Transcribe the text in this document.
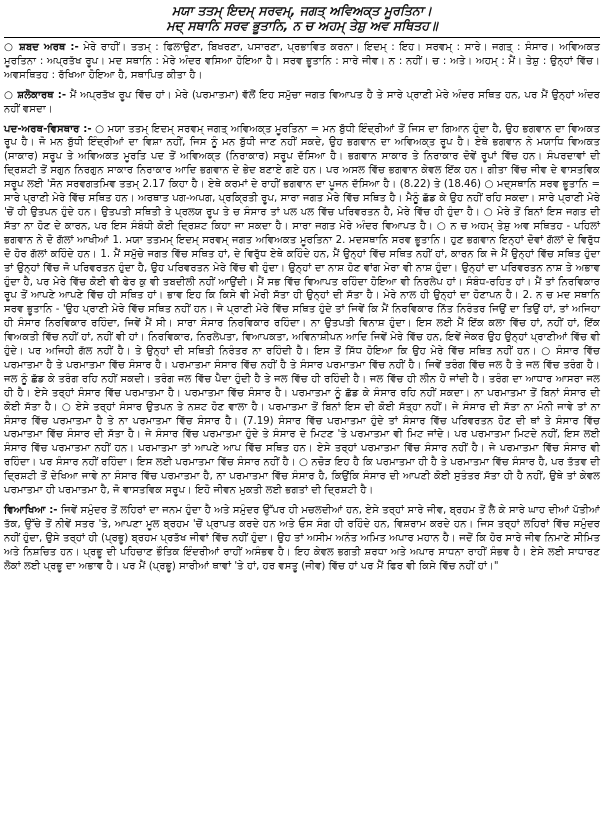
ਮਯਾ ਤਤਮ੍ ਇਦਮ੍ ਸਰਵਮ੍, ਜਗਤ੍ ਅਵਿਅਕ੍ਤ ਮੂਰਤਿਨਾ।

ਮਦ੍ ਸਥਾਨਿ ਸਰਵ ਭੂਤਾਨਿ, ਨ ਚ ਅਹਮ੍ ਤੇਸ਼ੁ ਅਵ ਸਥਿਤਹ॥

○ ਸ਼ਬਦ ਅਰਥ :- ਮੇਰੇ ਰਾਹੀਂ। ਤਤਮ੍ : ਫਿਲਾਉਣਾ, ਬਿਖਰਣਾ, ਪਸਾਰਣਾ, ਪ੍ਰਭਾਵਿਤ ਕਰਨਾ। ਇਦਮ੍ : ਇਹ। ਸਰਵਮ੍ : ਸਾਰੇ। ਜਗਤ੍ : ਸੰਸਾਰ। ਅਵਿਅਕਤ ਮੂਰਤਿਨਾ : ਅਪ੍ਰਤੱਖ ਰੂਪ। ਮਦ ਸਥਾਨਿ : ਮੇਰੇ ਅੰਦਰ ਵਸਿਆ ਹੋਇਆ ਹੈ। ਸਰਵ ਭੂਤਾਨਿ : ਸਾਰੇ ਜੀਵ। ਨ : ਨਹੀਂ। ਚ : ਅਤੇ। ਅਹਮ੍ : ਮੈਂ। ਤੇਸ਼ੁ : ਉਨ੍ਹਾਂ ਵਿੱਚ। ਅਵਸਥਿਤਹ : ਰੱਖਿਆ ਹੋਇਆ ਹੈ, ਸਥਾਪਿਤ ਕੀਤਾ ਹੈ।

○ ਸ਼ਲੋਕਾਰਥ :- ਮੈਂ ਅਪ੍ਰਤੱਖ ਰੂਪ ਵਿੱਚ ਹਾਂ। ਮੇਰੇ (ਪਰਮਾਤਮਾ) ਵੱਲੋਂ ਇਹ ਸਮੁੱਚਾ ਜਗਤ ਵਿਆਪਤ ਹੈ ਤੇ ਸਾਰੇ ਪ੍ਰਾਣੀ ਮੇਰੇ ਅੰਦਰ ਸਥਿਤ ਹਨ, ਪਰ ਮੈਂ ਉਨ੍ਹਾਂ ਅੰਦਰ ਨਹੀਂ ਵਸਦਾ।

ਪਦ-ਅਰਥ-ਵਿਸਥਾਰ :- ○ ਮਯਾ ਤਤਮ੍ ਇਦਮ੍ ਸਰਵਮ੍ ਜਗਤ੍ ਅਵਿਅਕ੍ਤ ਮੂਰਤਿਨਾ = ਮਨ ਬੁੱਧੀ ਇੰਦ੍ਰੀਆਂ ਤੋਂ ਜਿਸ ਦਾ ਗਿਆਨ ਹੁੰਦਾ ਹੈ, ਉਹ ਭਗਵਾਨ ਦਾ ਵਿਅਕਤ ਰੂਪ ਹੈ। ਜੋ ਮਨ ਬੁੱਧੀ ਇੰਦ੍ਰੀਆਂ ਦਾ ਵਿਸ਼ਾ ਨਹੀਂ, ਜਿਸ ਨੂੰ ਮਨ ਬੁੱਧੀ ਜਾਣ ਨਹੀਂ ਸਕਦੇ, ਉਹ ਭਗਵਾਨ ਦਾ ਅਵਿਅਕ੍ਤ ਰੂਪ ਹੈ। ਏਥੇ ਭਗਵਾਨ ਨੇ ਮਯਾਧਿ ਵਿਅਕਤ (ਸਾਕਾਰ) ਸਰੂਪ ਤੇ ਅਵਿਅਕਤ ਮੂਰਤਿ ਪਦ ਤੋਂ ਅਵਿਅਕ੍ਤ (ਨਿਰਾਕਾਰ) ਸਰੂਪ ਦੱਸਿਆ ਹੈ। ਭਗਵਾਨ ਸਾਕਾਰ ਤੇ ਨਿਰਾਕਾਰ ਦੋਵੇਂ ਰੂਪਾਂ ਵਿੱਚ ਹਨ। ਸੰਪਰਦਾਵਾਂ ਦੀ ਦ੍ਰਿਸ਼ਟੀ ਤੋਂ ਸਗੁਨ ਨਿਰਗੁਨ ਸਾਕਾਰ ਨਿਰਾਕਾਰ ਆਦਿ ਭਗਵਾਨ ਦੇ ਭੇਦ ਬਣਾਏ ਗਏ ਹਨ। ਪਰ ਅਸਲ ਵਿੱਚ ਭਗਵਾਨ ਕੇਵਲ ਇੱਕ ਹਨ। ਗੀਤਾ ਵਿੱਚ ਜੀਵ ਦੇ ਵਾਸਤਵਿਕ ਸਰੂਪ ਲਈ 'ਸੋਨ ਸਰਵਗਤਮਿਵ ਤਤਮ੍ 2.17 ਕਿਹਾ ਹੈ। ਏਥੇ ਕਰਮਾਂ ਦੇ ਰਾਹੀਂ ਭਗਵਾਨ ਦਾ ਪੂਜਨ ਦੱਸਿਆ ਹੈ। (8.22) ਤੇ (18.46) ○ ਮਦ੍ਸਥਾਨਿ ਸਰਵ ਭੂਤਾਨਿ = ਸਾਰੇ ਪ੍ਰਾਣੀ ਮੇਰੇ ਵਿੱਚ ਸਥਿਤ ਹਨ। ਅਰਥਾਤ ਪਗ-ਅਪਗ, ਪ੍ਰਕ੍ਰਿਤੀ ਰੂਪ, ਸਾਰਾ ਜਗਤ ਮੇਰੇ ਵਿੱਚ ਸਥਿਤ ਹੈ। ਮੈਨੂੰ ਛੱਡ ਕੇ ਉਹ ਨਹੀਂ ਰਹਿ ਸਕਦਾ। ਸਾਰੇ ਪ੍ਰਾਣੀ ਮੇਰੇ 'ਚੋਂ ਹੀ ਉਤਪਨ ਹੁੰਦੇ ਹਨ। ਉਤਪਤੀ ਸਥਿਤੀ ਤੇ ਪ੍ਰਲਯ ਰੂਪ ਤੇ ਚ ਸੰਸਾਰ ਤਾਂ ਪਲ ਪਲ ਵਿੱਚ ਪਰਿਵਰਤਨ ਹੈ, ਮੇਰੇ ਵਿੱਚ ਹੀ ਹੁੰਦਾ ਹੈ। ○ ਮੇਰੇ ਤੋਂ ਬਿਨਾਂ ਇਸ ਜਗਤ ਦੀ ਸੱਤਾ ਨਾ ਹੋਣ ਦੇ ਕਾਰਨ, ਪਰ ਇਸ ਸੰਬੰਧੀ ਕੋਈ ਦ੍ਰਿਸ਼ਟ ਕਿਹਾ ਜਾ ਸਕਦਾ ਹੈ। ਸਾਰਾ ਜਗਤ ਮੇਰੇ ਅੰਦਰ ਵਿਆਪਤ ਹੈ। ○ ਨ ਚ ਅਹਮ੍ ਤੇਸ਼ੁ ਅਵ ਸਥਿਤਹ - ਪਹਿਲਾਂ ਭਗਵਾਨ ਨੇ ਦੋ ਗੱਲਾਂ ਆਖੀਆਂ 1. ਮਯਾ ਤਤਮਮ੍ ਇਦਮ੍ ਸਰਵਮ੍ ਜਗਤ ਅਵਿਅਕਤ ਮੂਰਤਿਨਾ 2. ਮਦਸਥਾਨਿ ਸਰਵ ਭੂਤਾਨਿ। ਹੁਣ ਭਗਵਾਨ ਇਨ੍ਹਾਂ ਦੋਵਾਂ ਗੱਲਾਂ ਦੇ ਵਿਰੁੱਧ ਦੋ ਹੋਰ ਗੱਲਾਂ ਕਹਿੰਦੇ ਹਨ। 1. ਮੈਂ ਸਮੁੱਚੇ ਜਗਤ ਵਿੱਚ ਸਥਿਤ ਹਾਂ, ਦੇ ਵਿਰੁੱਧ ਏਥੇ ਕਹਿੰਦੇ ਹਨ, ਮੈਂ ਉਨ੍ਹਾਂ ਵਿੱਚ ਸਥਿਤ ਨਹੀਂ ਹਾਂ, ਕਾਰਨ ਕਿ ਜੇ ਮੈਂ ਉਨ੍ਹਾਂ ਵਿੱਚ ਸਥਿਤ ਹੁੰਦਾ ਤਾਂ ਉਨ੍ਹਾਂ ਵਿੱਚ ਜੋ ਪਰਿਵਰਤਨ ਹੁੰਦਾ ਹੈ, ਉਹ ਪਰਿਵਰਤਨ ਮੇਰੇ ਵਿੱਚ ਵੀ ਹੁੰਦਾ। ਉਨ੍ਹਾਂ ਦਾ ਨਾਸ਼ ਹੋਣ ਵਾਂਗ ਮੇਰਾ ਵੀ ਨਾਸ਼ ਹੁੰਦਾ। ਉਨ੍ਹਾਂ ਦਾ ਪਰਿਵਰਤਨ ਨਾਸ਼ ਤੇ ਅਭਾਵ ਹੁੰਦਾ ਹੈ, ਪਰ ਮੇਰੇ ਵਿੱਚ ਕੋਈ ਵੀ ਫੇਰ ਕੁ ਵੀ ਤਬਦੀਲੀ ਨਹੀਂ ਆਉਂਦੀ। ਮੈਂ ਸਭ ਵਿੱਚ ਵਿਆਪਤ ਰਹਿੰਦਾ ਹੋਇਆ ਵੀ ਨਿਰਲੇਪ ਹਾਂ। ਸੰਬੰਧ-ਰਹਿਤ ਹਾਂ। ਮੈਂ ਤਾਂ ਨਿਰਵਿਕਾਰ ਰੂਪ ਤੋਂ ਆਪਣੇ ਆਪਣੇ ਵਿੱਚ ਹੀ ਸਥਿਤ ਹਾਂ। ਭਾਵ ਇਹ ਕਿ ਕਿਸੇ ਵੀ ਮੇਰੀ ਸੱਤਾ ਹੀ ਉਨ੍ਹਾਂ ਦੀ ਸੱਤਾ ਹੈ। ਮੇਰੇ ਨਾਲ ਹੀ ਉਨ੍ਹਾਂ ਦਾ ਹੋਣਾਪਨ ਹੈ। 2. ਨ ਚ ਮਦ ਸਥਾਨਿ ਸਰਵ ਭੂਤਾਨਿ - 'ਉਹ ਪ੍ਰਾਣੀ ਮੇਰੇ ਵਿੱਚ ਸਥਿਤ ਨਹੀਂ ਹਨ। ਜੇ ਪ੍ਰਾਣੀ ਮੇਰੇ ਵਿੱਚ ਸਥਿਤ ਹੁੰਦੇ ਤਾਂ ਜਿਵੇਂ ਕਿ ਮੈਂ ਨਿਰਵਿਕਾਰ ਨਿੱਤ ਨਿਰੰਤਰ ਜਿਉਂ ਦਾ ਤਿਉਂ ਹਾਂ, ਤਾਂ ਅਜਿਹਾ ਹੀ ਸੰਸਾਰ ਨਿਰਵਿਕਾਰ ਰਹਿੰਦਾ, ਜਿਵੇਂ ਮੈਂ ਸੀ। ਸਾਰਾ ਸੰਸਾਰ ਨਿਰਵਿਕਾਰ ਰਹਿੰਦਾ। ਨਾ ਉਤਪਤੀ ਵਿਨਾਸ਼ ਹੁੰਦਾ। ਇਸ ਲਈ ਮੈਂ ਇੱਕ ਕਲਾ ਵਿੱਚ ਹਾਂ, ਨਹੀਂ ਹਾਂ, ਇੱਕ ਵਿਅਕਤੀ ਵਿੱਚ ਨਹੀਂ ਹਾਂ, ਨਹੀਂ ਵੀ ਹਾਂ। ਨਿਰਵਿਕਾਰ, ਨਿਰਲੇਪਤਾ, ਵਿਆਪਕਤਾ, ਅਵਿਨਾਸ਼ੀਪਨ ਆਦਿ ਜਿਵੇਂ ਮੇਰੇ ਵਿੱਚ ਹਨ, ਇਵੇਂ ਜੇਕਰ ਉਹ ਉਨ੍ਹਾਂ ਪ੍ਰਾਣੀਆਂ ਵਿੱਚ ਵੀ ਹੁੰਦੇ। ਪਰ ਅਜਿਹੀ ਗੱਲ ਨਹੀਂ ਹੈ। ਤੇ ਉਨ੍ਹਾਂ ਦੀ ਸਥਿਤੀ ਨਿਰੰਤਰ ਨਾ ਰਹਿੰਦੀ ਹੈ। ਇਸ ਤੋਂ ਸਿੱਧ ਹੋਇਆ ਕਿ ਉਹ ਮੇਰੇ ਵਿੱਚ ਸਥਿਤ ਨਹੀਂ ਹਨ। ○ ਸੰਸਾਰ ਵਿੱਚ ਪਰਮਾਤਮਾ ਹੈ ਤੇ ਪਰਮਾਤਮਾ ਵਿੱਚ ਸੰਸਾਰ ਹੈ। ਪਰਮਾਤਮਾ ਸੰਸਾਰ ਵਿੱਚ ਨਹੀਂ ਹੈ ਤੇ ਸੰਸਾਰ ਪਰਮਾਤਮਾ ਵਿੱਚ ਨਹੀਂ ਹੈ। ਜਿਵੇਂ ਤਰੰਗ ਵਿੱਚ ਜਲ ਹੈ ਤੇ ਜਲ ਵਿੱਚ ਤਰੰਗ ਹੈ। ਜਲ ਨੂੰ ਛੱਡ ਕੇ ਤਰੰਗ ਰਹਿ ਨਹੀਂ ਸਕਦੀ। ਤਰੰਗ ਜਲ ਵਿੱਚ ਪੈਦਾ ਹੁੰਦੀ ਹੈ ਤੇ ਜਲ ਵਿੱਚ ਹੀ ਰਹਿੰਦੀ ਹੈ। ਜਲ ਵਿੱਚ ਹੀ ਲੀਨ ਹੋ ਜਾਂਦੀ ਹੈ। ਤਰੰਗ ਦਾ ਆਧਾਰ ਆਸਰਾ ਜਲ ਹੀ ਹੈ। ਏਸੇ ਤਰ੍ਹਾਂ ਸੰਸਾਰ ਵਿੱਚ ਪਰਮਾਤਮਾ ਹੈ। ਪਰਮਾਤਮਾ ਵਿੱਚ ਸੰਸਾਰ ਹੈ। ਪਰਮਾਤਮਾ ਨੂੰ ਛੱਡ ਕੇ ਸੰਸਾਰ ਰਹਿ ਨਹੀਂ ਸਕਦਾ। ਨਾ ਪਰਮਾਤਮਾ ਤੋਂ ਬਿਨਾਂ ਸੰਸਾਰ ਦੀ ਕੋਈ ਸੱਤਾ ਹੈ। ○ ਏਸੇ ਤਰ੍ਹਾਂ ਸੰਸਾਰ ਉਤਪਨ ਤੇ ਨਸ਼ਟ ਹੋਣ ਵਾਲਾ ਹੈ। ਪਰਮਾਤਮਾ ਤੋਂ ਬਿਨਾਂ ਇਸ ਦੀ ਕੋਈ ਸੱਤ੍ਹਾ ਨਹੀਂ। ਜੇ ਸੰਸਾਰ ਦੀ ਸੱਤਾ ਨਾ ਮੰਨੀ ਜਾਵੇ ਤਾਂ ਨਾ ਸੰਸਾਰ ਵਿੱਚ ਪਰਮਾਤਮਾ ਹੈ ਤੇ ਨਾ ਪਰਮਾਤਮਾ ਵਿੱਚ ਸੰਸਾਰ ਹੈ। (7.19) ਸੰਸਾਰ ਵਿੱਚ ਪਰਮਾਤਮਾ ਹੁੰਦੇ ਤਾਂ ਸੰਸਾਰ ਵਿੱਚ ਪਰਿਵਰਤਨ ਹੋਣ ਦੀ ਥਾਂ ਤੇ ਸੰਸਾਰ ਵਿੱਚ ਪਰਮਾਤਮਾ ਵਿੱਚ ਸੰਸਾਰ ਦੀ ਸੱਤਾ ਹੈ। ਜੇ ਸੰਸਾਰ ਵਿੱਚ ਪਰਮਾਤਮਾ ਹੁੰਦੇ ਤੇ ਸੰਸਾਰ ਦੇ ਮਿਟਣ 'ਤੇ ਪਰਮਾਤਮਾ ਵੀ ਮਿਟ ਜਾਂਦੇ। ਪਰ ਪਰਮਾਤਮਾ ਮਿਟਦੇ ਨਹੀਂ, ਇਸ ਲਈ ਸੰਸਾਰ ਵਿੱਚ ਪਰਮਾਤਮਾ ਨਹੀਂ ਹਨ। ਪਰਮਾਤਮਾ ਤਾਂ ਆਪਣੇ ਆਪ ਵਿੱਚ ਸਥਿਤ ਹਨ। ਏਸੇ ਤਰ੍ਹਾਂ ਪਰਮਾਤਮਾ ਵਿੱਚ ਸੰਸਾਰ ਨਹੀਂ ਹੈ। ਜੇ ਪਰਮਾਤਮਾ ਵਿੱਚ ਸੰਸਾਰ ਵੀ ਰਹਿੰਦਾ। ਪਰ ਸੰਸਾਰ ਨਹੀਂ ਰਹਿੰਦਾ। ਇਸ ਲਈ ਪਰਮਾਤਮਾ ਵਿੱਚ ਸੰਸਾਰ ਨਹੀਂ ਹੈ। ○ ਨਚੋੜ ਇਹ ਹੈ ਕਿ ਪਰਮਾਤਮਾ ਹੀ ਹੈ ਤੇ ਪਰਮਾਤਮਾ ਵਿੱਚ ਸੰਸਾਰ ਹੈ, ਪਰ ਤੱਤਵ ਦੀ ਦ੍ਰਿਸ਼ਟੀ ਤੋਂ ਦੇਖਿਆ ਜਾਵੇ ਨਾ ਸੰਸਾਰ ਵਿੱਚ ਪਰਮਾਤਮਾ ਹੈ, ਨਾ ਪਰਮਾਤਮਾ ਵਿੱਚ ਸੰਸਾਰ ਹੈ, ਕਿਉਂਕਿ ਸੰਸਾਰ ਦੀ ਆਪਣੀ ਕੋਈ ਸੁਤੰਤਰ ਸੱਤਾ ਹੀ ਹੈ ਨਹੀਂ, ਉਥੇ ਤਾਂ ਕੇਵਲ ਪਰਮਾਤਮਾ ਹੀ ਪਰਮਾਤਮਾ ਹੈ, ਜੋ ਵਾਸਤਵਿਕ ਸਰੂਪ। ਇਹੋ ਜੀਵਨ ਮੁਕਤੀ ਲਈ ਭਗਤਾਂ ਦੀ ਦ੍ਰਿਸ਼ਟੀ ਹੈ।

ਵਿਆਖਿਆ :- ਜਿਵੇਂ ਸਮੁੰਦਰ ਤੋਂ ਲਹਿਰਾਂ ਦਾ ਜਨਮ ਹੁੰਦਾ ਹੈ ਅਤੇ ਸਮੁੰਦਰ ਉੱਪਰ ਹੀ ਮਚਲਦੀਆਂ ਹਨ, ਏਸੇ ਤਰ੍ਹਾਂ ਸਾਰੇ ਜੀਵ, ਬ੍ਰਹਮ ਤੋਂ ਲੈ ਕੇ ਸਾਰੇ ਘਾਹ ਦੀਆਂ ਪੱਤੀਆਂ ਤੱਕ, ਉੱਚੇ ਤੋਂ ਨੀਵੇਂ ਸਤਰ 'ਤੇ, ਆਪਣਾ ਮੂਲ ਬ੍ਰਹਮ 'ਚੋਂ ਪ੍ਰਾਪਤ ਕਰਦੇ ਹਨ ਅਤੇ ਓਸ ਸੰਗ ਹੀ ਰਹਿੰਦੇ ਹਨ, ਵਿਸ਼ਰਾਮ ਕਰਦੇ ਹਨ। ਜਿਸ ਤਰ੍ਹਾਂ ਲਹਿਰਾਂ ਵਿੱਚ ਸਮੁੰਦਰ ਨਹੀਂ ਹੁੰਦਾ, ਉਸੇ ਤਰ੍ਹਾਂ ਹੀ (ਪ੍ਰਭੂ) ਬ੍ਰਹਮ ਪ੍ਰਤੱਖ ਜੀਵਾਂ ਵਿੱਚ ਨਹੀਂ ਹੁੰਦਾ। ਉਹ ਤਾਂ ਅਸੀਮ ਅਨੰਤ ਅਮਿਤ ਅਪਾਰ ਮਹਾਨ ਹੈ। ਜਦੋਂ ਕਿ ਹੋਰ ਸਾਰੇ ਜੀਵ ਨਿਮਾਣੇ ਸੀਮਿਤ ਅਤੇ ਨਿਸ਼ਚਿਤ ਹਨ। ਪ੍ਰਭੂ ਦੀ ਪਹਿਚਾਣ ਭੌਤਿਕ ਇੰਦਰੀਆਂ ਰਾਹੀਂ ਅਸੰਭਵ ਹੈ। ਇਹ ਕੇਵਲ ਭਗਤੀ ਸ਼ਰਧਾ ਅਤੇ ਅਪਾਰ ਸਾਧਨਾ ਰਾਹੀਂ ਸੰਭਵ ਹੈ। ਏਸੇ ਲਈ ਸਾਧਾਰਣ ਲੋਕਾਂ ਲਈ ਪ੍ਰਭੂ ਦਾ ਅਭਾਵ ਹੈ। ਪਰ ਮੈਂ (ਪ੍ਰਭੂ) ਸਾਰੀਆਂ ਥਾਵਾਂ 'ਤੇ ਹਾਂ, ਹਰ ਵਸਤੂ (ਜੀਵ) ਵਿੱਚ ਹਾਂ ਪਰ ਮੈਂ ਫਿਰ ਵੀ ਕਿਸੇ ਵਿੱਚ ਨਹੀਂ ਹਾਂ।"
